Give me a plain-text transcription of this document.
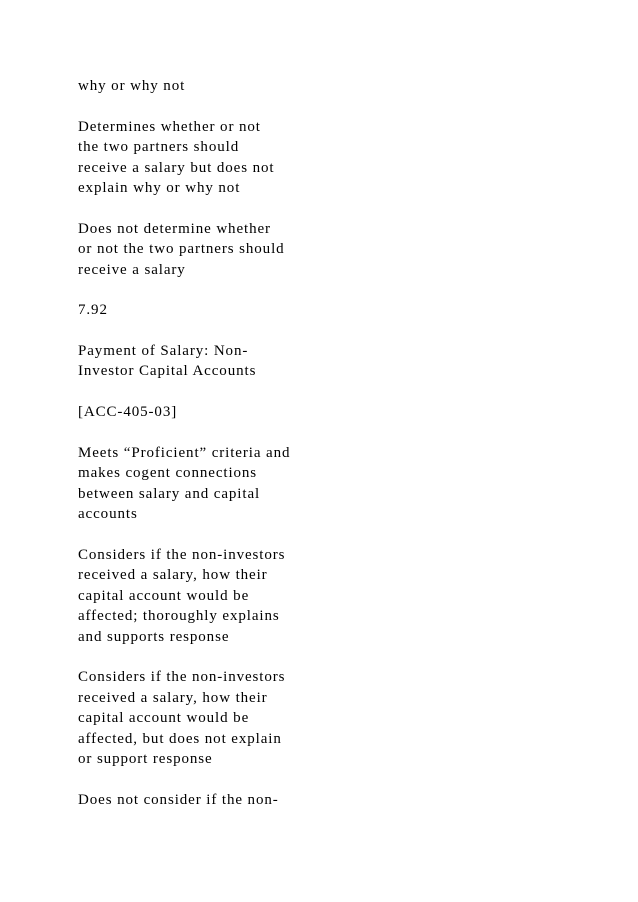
why or why not

Determines whether or not
the two partners should
receive a salary but does not
explain why or why not

Does not determine whether
or not the two partners should
receive a salary

7.92

Payment of Salary: Non-
Investor Capital Accounts

[ACC-405-03]

Meets “Proficient” criteria and
makes cogent connections
between salary and capital
accounts

Considers if the non-investors
received a salary, how their
capital account would be
affected; thoroughly explains
and supports response

Considers if the non-investors
received a salary, how their
capital account would be
affected, but does not explain
or support response

Does not consider if the non-
